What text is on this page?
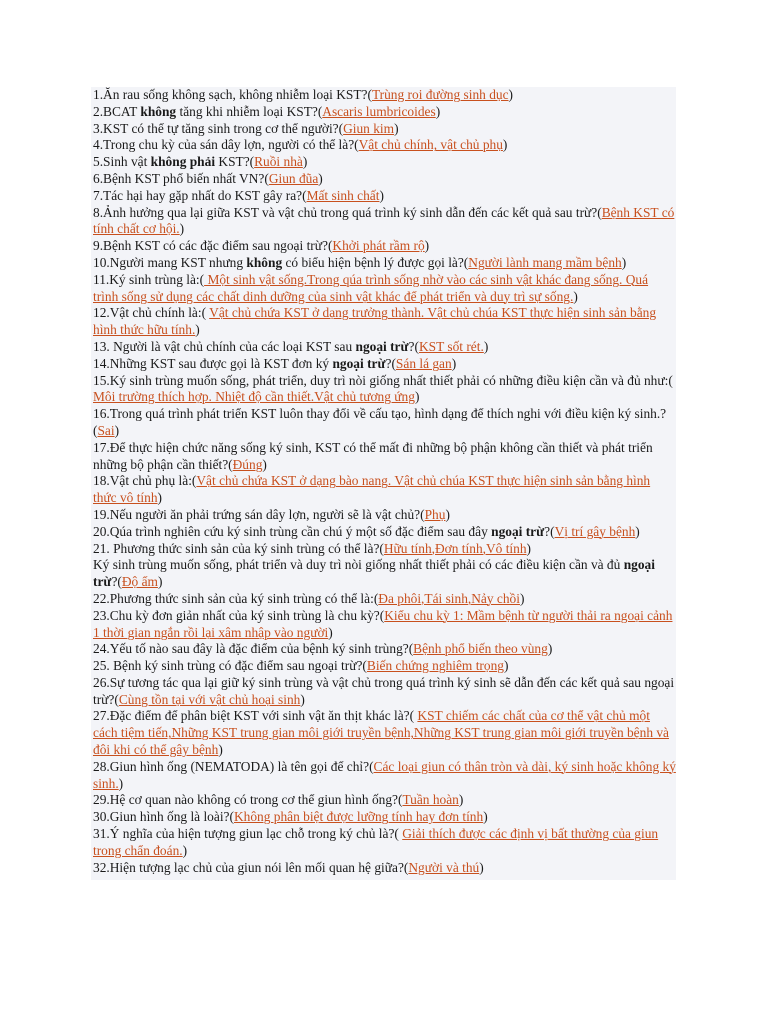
1.Ăn rau sống không sạch, không nhiễm loại KST?(Trùng roi đường sinh dục)

2.BCAT không tăng khi nhiễm loại KST?(Ascaris lumbricoides)

3.KST có thể tự tăng sinh trong cơ thể người?(Giun kim)

4.Trong chu kỳ của sán dây lợn, người có thể là?(Vật chủ chính, vật chủ phụ)

5.Sinh vật không phải KST?(Ruồi nhà)

6.Bệnh KST phổ biến nhất VN?(Giun đũa)

7.Tác hại hay gặp nhất do KST gây ra?(Mất sinh chất)

8.Ảnh hưởng qua lại giữa KST và vật chủ trong quá trình ký sinh dẫn đến các kết quả sau trừ?(Bệnh KST có tính chất cơ hội.)

9.Bệnh KST có các đặc điểm sau ngoại trừ?(Khởi phát rầm rộ)

10.Người mang KST nhưng không có biểu hiện bệnh lý được gọi là?(Người lành mang mầm bệnh)

11.Ký sinh trùng là:( Một sinh vật sống.Trong qúa trình sống nhờ vào các sinh vật khác đang sống. Quá trình sống sử dụng các chất dinh dưỡng của sinh vật khác để phát triển và duy trì sự sống.)

12.Vật chủ chính là:( Vật chủ chứa KST ở dạng trưởng thành. Vật chủ chúa KST thực hiện sinh sản bằng hình thức hữu tính.)

13. Người là vật chủ chính của các loại KST sau ngoại trừ?(KST sốt rét.)

14.Những KST sau được gọi là KST đơn ký ngoại trừ?(Sán lá gan)

15.Ký sinh trùng muốn sống, phát triển, duy trì nòi giống nhất thiết phải có những điều kiện cần và đủ như:( Môi trường thích hợp. Nhiệt độ cần thiết.Vật chủ tương ứng)

16.Trong quá trình phát triển KST luôn thay đổi về cấu tạo, hình dạng để thích nghi với điều kiện ký sinh.?(Sai)

17.Để thực hiện chức năng sống ký sinh, KST có thể mất đi những bộ phận không cần thiết và phát triển những bộ phận cần thiết?(Đúng)

18.Vật chủ phụ là:(Vật chủ chứa KST ở dạng bào nang. Vật chủ chúa KST thực hiện sinh sản bằng hình thức vô tính)

19.Nếu người ăn phải trứng sán dây lợn, người sẽ là vật chủ?(Phụ)

20.Qúa trình nghiên cứu ký sinh trùng cần chú ý một số đặc điểm sau đây ngoại trừ?(Vị trí gây bệnh)

21. Phương thức sinh sản của ký sinh trùng có thể là?(Hữu tính,Đơn tính,Vô tính)

Ký sinh trùng muốn sống, phát triển và duy trì nòi giống nhất thiết phải có các điều kiện cần và đủ ngoại trừ?(Độ ẩm)

22.Phương thức sinh sản của ký sinh trùng có thể là:(Đa phôi,Tái sinh,Nảy chồi)

23.Chu kỳ đơn giản nhất của ký sinh trùng là chu kỳ?(Kiểu chu kỳ 1: Mầm bệnh từ người thải ra ngoại cảnh 1 thời gian ngắn rồi lại xâm nhập vào người)

24.Yếu tố nào sau đây là đặc điểm của bệnh ký sinh trùng?(Bệnh phổ biến theo vùng)

25. Bệnh ký sinh trùng có đặc điểm sau ngoại trừ?(Biến chứng nghiêm trọng)

26.Sự tương tác qua lại giữ ký sinh trùng và vật chủ trong quá trình ký sinh sẽ dẫn đến các kết quả sau ngoại trừ?(Cùng tồn tại với vật chủ hoại sinh)

27.Đặc điểm để phân biệt KST với sinh vật ăn thịt khác là?( KST chiếm các chất của cơ thể vật chủ một cách tiệm tiến,Những KST trung gian môi giới truyền bệnh,Những KST trung gian môi giới truyền bệnh và đôi khi có thể gây bệnh)

28.Giun hình ống (NEMATODA) là tên gọi để chỉ?(Các loại giun có thân tròn và dài, ký sinh hoặc không ký sinh.)

29.Hệ cơ quan nào không có trong cơ thể giun hình ống?(Tuần hoàn)

30.Giun hình ống là loài?(Không phân biệt được lưỡng tính hay đơn tính)

31.Ý nghĩa của hiện tượng giun lạc chỗ trong ký chủ là?( Giải thích được các định vị bất thường của giun trong chẩn đoán.)

32.Hiện tượng lạc chủ của giun nói lên mối quan hệ giữa?(Người và thú)
